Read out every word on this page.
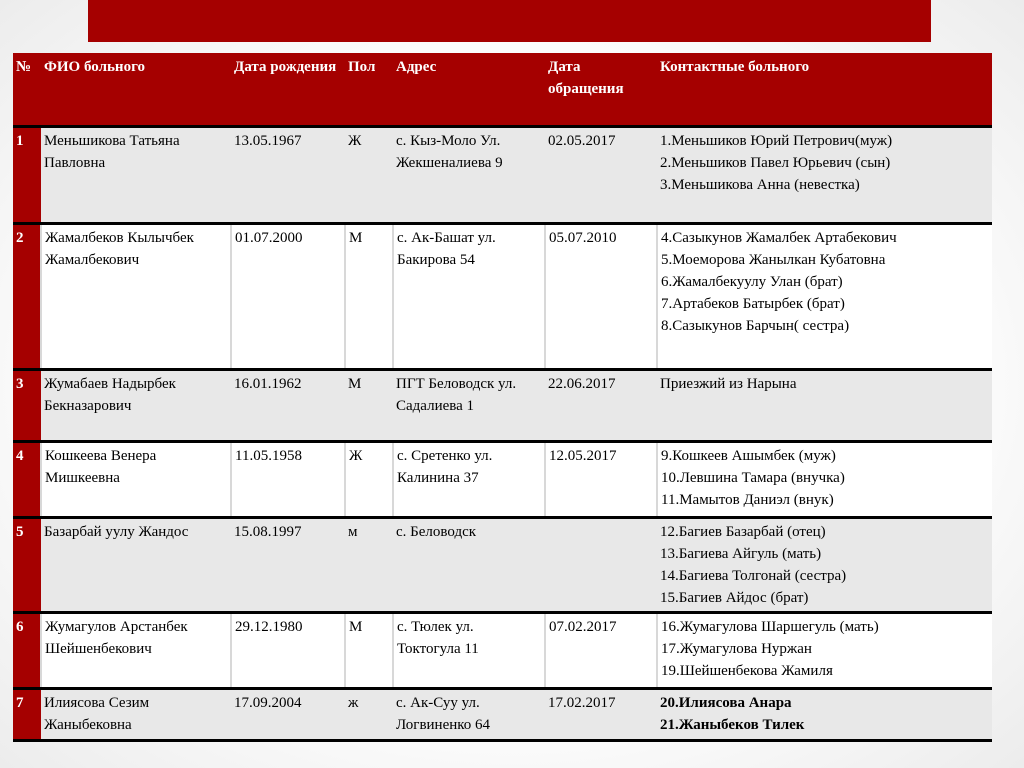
№	ФИО больного	Дата рождения	Пол	Адрес	Дата обращения	Контактные больного
1	Меньшикова Татьяна Павловна	13.05.1967	Ж	с. Кыз-Моло Ул. Жекшеналиева 9	02.05.2017	1.Меньшиков Юрий Петрович(муж)
2.Меньшиков Павел Юрьевич (сын)
3.Меньшикова Анна (невестка)

2	Жамалбеков Кылычбек Жамалбекович	01.07.2000	М	с. Ак-Башат ул. Бакирова 54	05.07.2010	4.Сазыкунов Жамалбек Артабекович
5.Моеморова Жанылкан Кубатовна
6.Жамалбекуулу Улан (брат)
7.Артабеков Батырбек (брат)
8.Сазыкунов Барчын( сестра)

3	Жумабаев Надырбек Бекназарович	16.01.1962	М	ПГТ Беловодск ул. Садалиева 1	22.06.2017	Приезжий из Нарына

4	Кошкеева Венера Мишкеевна	11.05.1958	Ж	с. Сретенко ул. Калинина 37	12.05.2017	9.Кошкеев Ашымбек (муж)
10.Левшина Тамара (внучка)
11.Мамытов Даниэл (внук)

5	Базарбай уулу Жандос	15.08.1997	м	с. Беловодск		12.Багиев Базарбай (отец)
13.Багиева Айгуль (мать)
14.Багиева Толгонай (сестра)
15.Багиев Айдос (брат)

6	Жумагулов Арстанбек Шейшенбекович	29.12.1980	М	с. Тюлек ул. Токтогула 11	07.02.2017	16.Жумагулова Шаршегуль (мать)
17.Жумагулова Нуржан
19.Шейшенбекова Жамиля

7	Илиясова Сезим Жаныбековна	17.09.2004	ж	с. Ак-Суу ул. Логвиненко 64	17.02.2017	20.Илиясова Анара
21.Жаныбеков Тилек
